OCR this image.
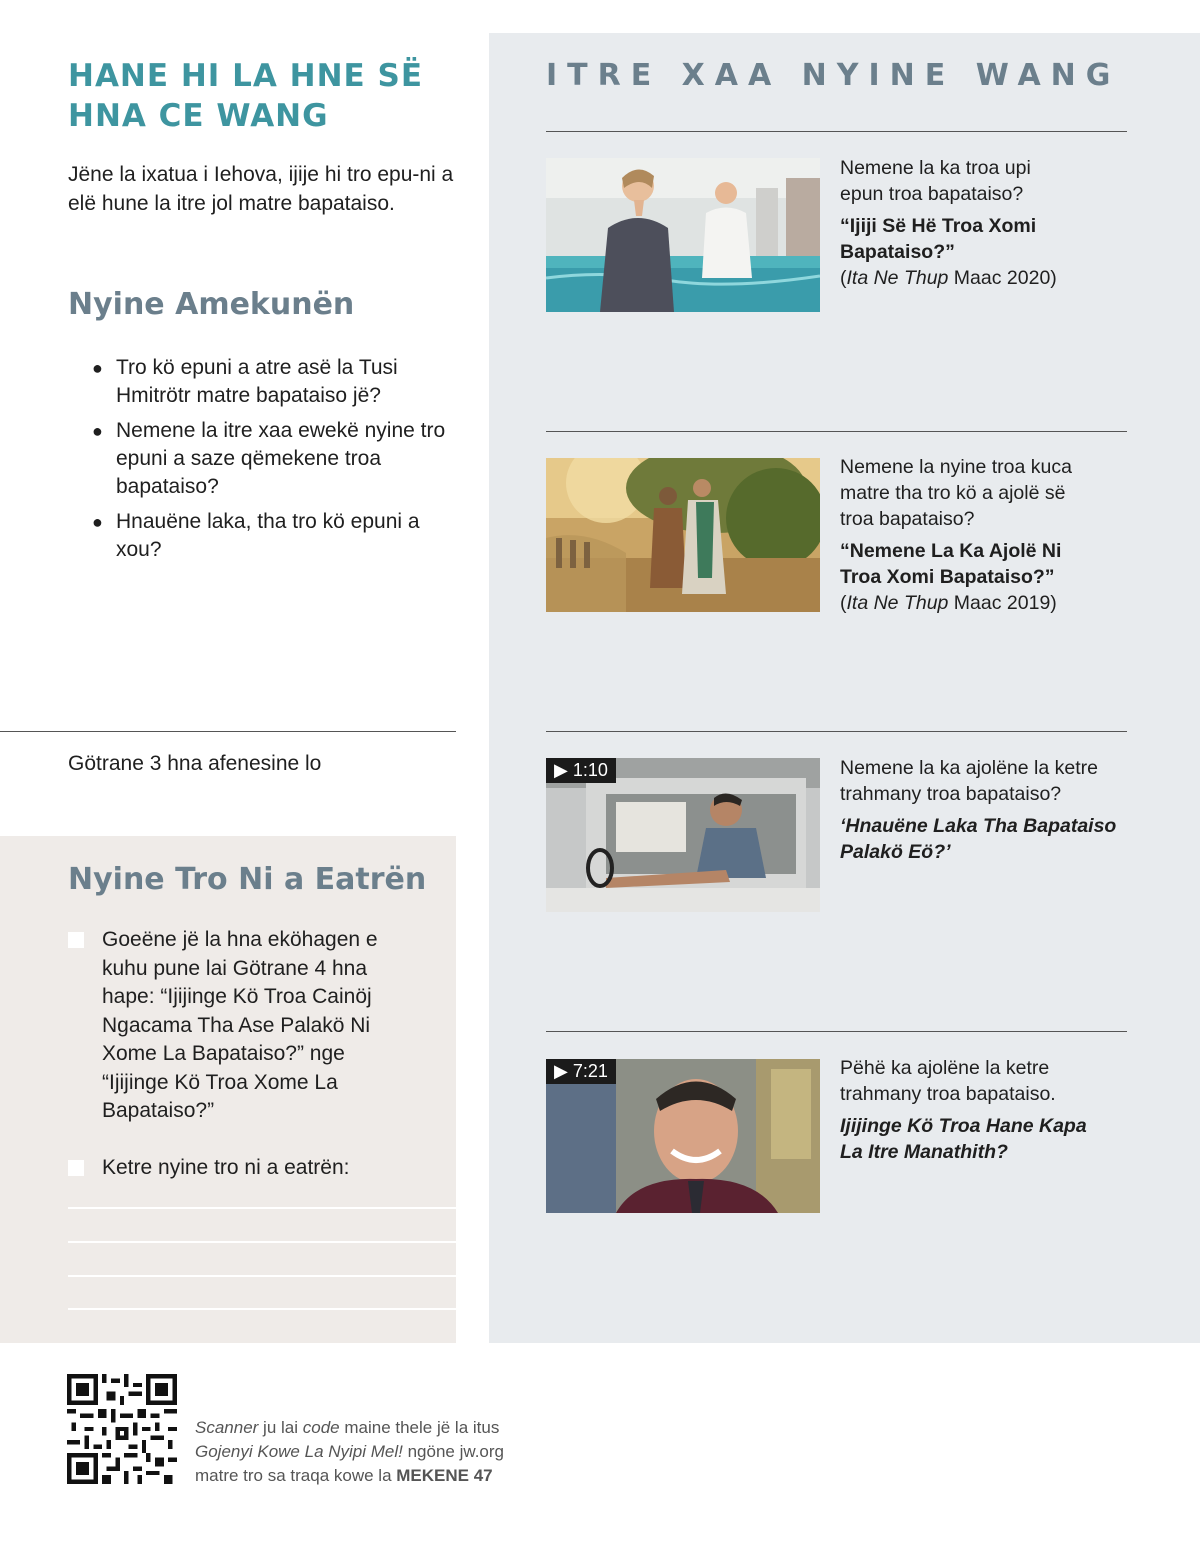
HANE HI LA HNE SË
HNA CE WANG

Jëne la ixatua i Iehova, ijije hi tro epu-ni a elë hune la itre jol matre bapataiso.

Nyine Amekunën
● Tro kö epuni a atre asë la Tusi Hmitrötr matre bapataiso jë?
● Nemene la itre xaa ewekë nyine tro epuni a saze qëmekene troa bapataiso?
● Hnauëne laka, tha tro kö epuni a xou?

Götrane 3 hna afenesine lo

Nyine Tro Ni a Eatrën
Goeëne jë la hna eköhagen e kuhu pune lai Götrane 4 hna hape: “Ijijinge Kö Troa Cainöj Ngacama Tha Ase Palakö Ni Xome La Bapataiso?” nge “Ijijinge Kö Troa Xome La Bapataiso?”
Ketre nyine tro ni a eatrën:
ITRE XAA NYINE WANG
Nemene la ka troa upi
epun troa bapataiso?
“Ijiji Së Hë Troa Xomi
Bapataiso?”
(Ita Ne Thup Maac 2020)
Nemene la nyine troa kuca
matre tha tro kö a ajolë së
troa bapataiso?
“Nemene La Ka Ajolë Ni
Troa Xomi Bapataiso?”
(Ita Ne Thup Maac 2019)
▶ 1:10	Nemene la ka ajolëne la ketre
trahmany troa bapataiso?
‘Hnauëne Laka Tha Bapataiso
Palakö Eö?’
▶ 7:21	Pëhë ka ajolëne la ketre
trahmany troa bapataiso.
Ijijinge Kö Troa Hane Kapa
La Itre Manathith?

Scanner ju lai code maine thele jë la itus
Gojenyi Kowe La Nyipi Mel! ngöne jw.org
matre tro sa traqa kowe la MEKENE 47
